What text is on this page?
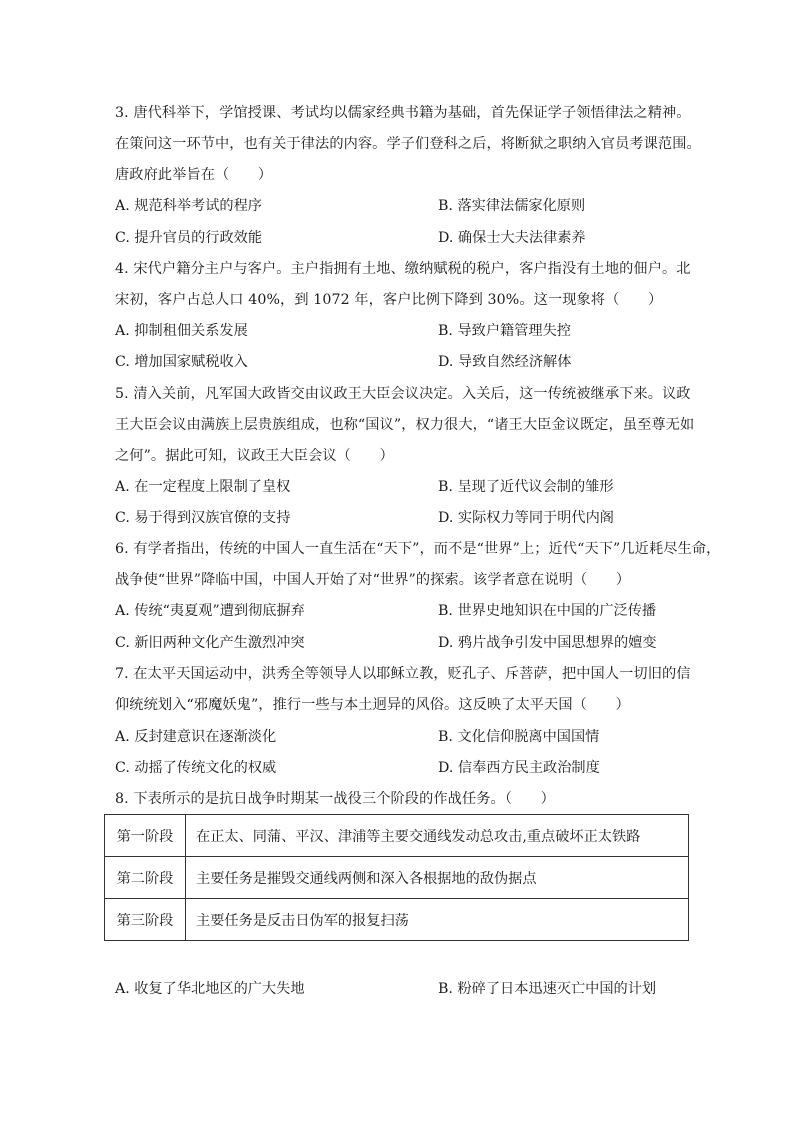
3. 唐代科举下，学馆授课、考试均以儒家经典书籍为基础，首先保证学子领悟律法之精神。
在策问这一环节中，也有关于律法的内容。学子们登科之后，将断狱之职纳入官员考课范围。
唐政府此举旨在（　　）
A. 规范科举考试的程序	B. 落实律法儒家化原则
C. 提升官员的行政效能	D. 确保士大夫法律素养
4. 宋代户籍分主户与客户。主户指拥有土地、缴纳赋税的税户，客户指没有土地的佃户。北
宋初，客户占总人口 40%，到 1072 年，客户比例下降到 30%。这一现象将（　　）
A. 抑制租佃关系发展	B. 导致户籍管理失控
C. 增加国家赋税收入	D. 导致自然经济解体
5. 清入关前，凡军国大政皆交由议政王大臣会议决定。入关后，这一传统被继承下来。议政
王大臣会议由满族上层贵族组成，也称“国议”，权力很大，“诸王大臣金议既定，虽至尊无如
之何”。据此可知，议政王大臣会议（　　）
A. 在一定程度上限制了皇权	B. 呈现了近代议会制的雏形
C. 易于得到汉族官僚的支持	D. 实际权力等同于明代内阁
6. 有学者指出，传统的中国人一直生活在“天下”，而不是“世界”上；近代“天下”几近耗尽生命，
战争使“世界”降临中国，中国人开始了对“世界”的探索。该学者意在说明（　　）
A. 传统“夷夏观”遭到彻底摒弃	B. 世界史地知识在中国的广泛传播
C. 新旧两种文化产生激烈冲突	D. 鸦片战争引发中国思想界的嬗变
7. 在太平天国运动中，洪秀全等领导人以耶稣立教，贬孔子、斥菩萨，把中国人一切旧的信
仰统统划入“邪魔妖鬼”，推行一些与本土迥异的风俗。这反映了太平天国（　　）
A. 反封建意识在逐渐淡化	B. 文化信仰脱离中国国情
C. 动摇了传统文化的权威	D. 信奉西方民主政治制度
8. 下表所示的是抗日战争时期某一战役三个阶段的作战任务。（　　）
第一阶段	在正太、同蒲、平汉、津浦等主要交通线发动总攻击,重点破坏正太铁路
第二阶段	主要任务是摧毁交通线两侧和深入各根据地的敌伪据点
第三阶段	主要任务是反击日伪军的报复扫荡
A. 收复了华北地区的广大失地	B. 粉碎了日本迅速灭亡中国的计划
